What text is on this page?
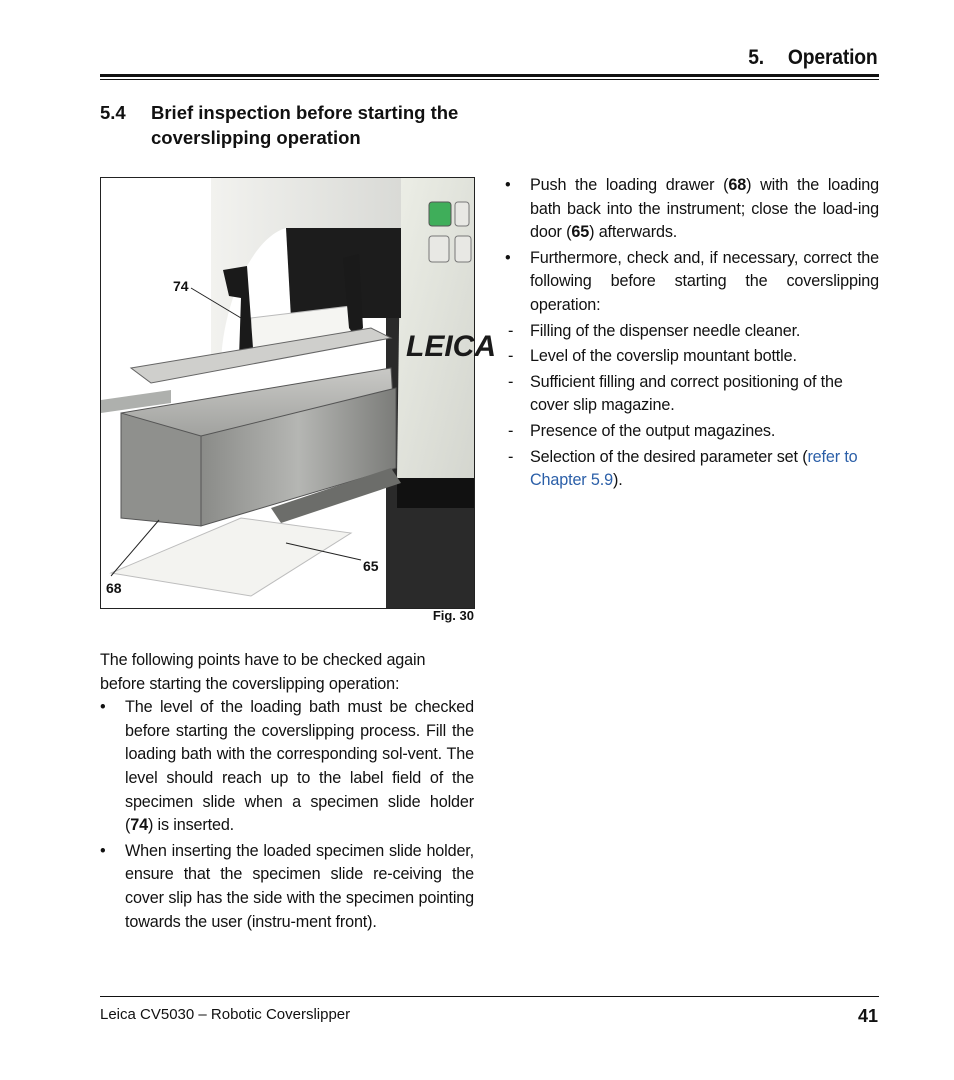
5. Operation
5.4 Brief inspection before starting the coverslipping operation
LEICA
74
65
68
Fig. 30

The following points have to be checked again before starting the coverslipping operation:

• The level of the loading bath must be checked before starting the coverslipping process. Fill the loading bath with the corresponding sol-vent. The level should reach up to the label field of the specimen slide when a specimen slide holder (74) is inserted.
• When inserting the loaded specimen slide holder, ensure that the specimen slide re-ceiving the cover slip has the side with the specimen pointing towards the user (instru-ment front).
• Push the loading drawer (68) with the loading bath back into the instrument; close the load-ing door (65) afterwards.
• Furthermore, check and, if necessary, correct the following before starting the coverslipping operation:
- Filling of the dispenser needle cleaner.
- Level of the coverslip mountant bottle.
- Sufficient filling and correct positioning of the cover slip magazine.
- Presence of the output magazines.
- Selection of the desired parameter set (refer to Chapter 5.9).
Leica CV5030 – Robotic Coverslipper	41
